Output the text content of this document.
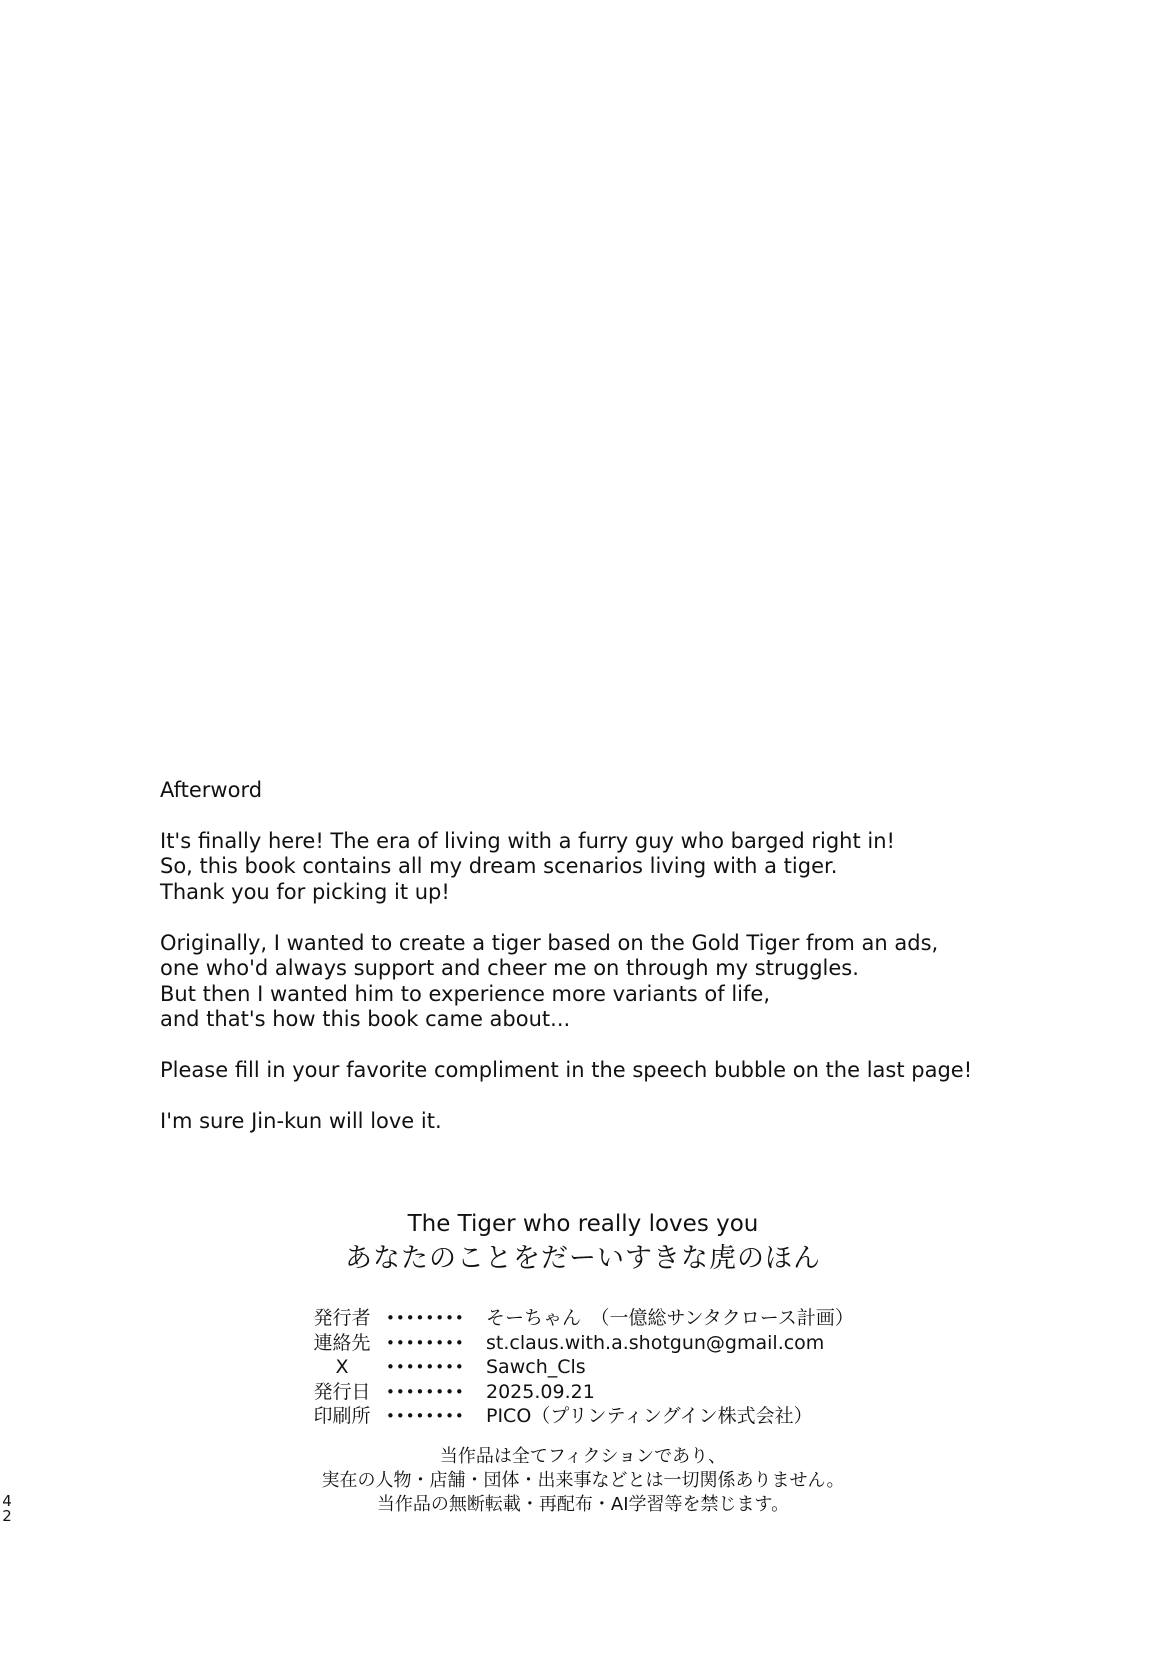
Afterword

It's finally here! The era of living with a furry guy who barged right in!
So, this book contains all my dream scenarios living with a tiger.
Thank you for picking it up!

Originally, I wanted to create a tiger based on the Gold Tiger from an ads,
one who'd always support and cheer me on through my struggles.
But then I wanted him to experience more variants of life,
and that's how this book came about...

Please fill in your favorite compliment in the speech bubble on the last page!

I'm sure Jin-kun will love it.

The Tiger who really loves you
あなたのことをだーいすきな虎のほん
発行者	••••••••	そーちゃん　（一億総サンタクロース計画）
連絡先	••••••••	st.claus.with.a.shotgun@gmail.com
X	••••••••	Sawch_Cls
発行日	••••••••	2025.09.21
印刷所	••••••••	PICO（プリンティングイン株式会社）
当作品は全てフィクションであり、
実在の人物・店舗・団体・出来事などとは一切関係ありません。
当作品の無断転載・再配布・AI学習等を禁じます。
4
2
